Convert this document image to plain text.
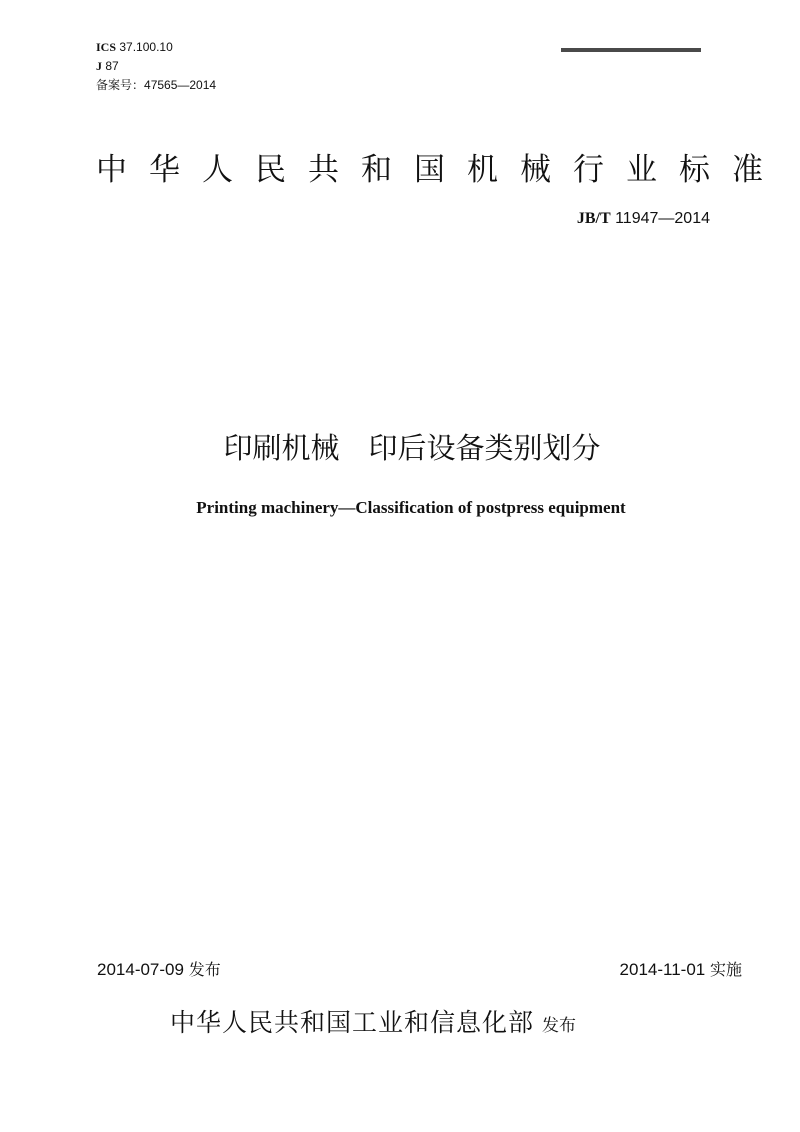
ICS 37.100.10
J 87
备案号：47565—2014
中华人民共和国机械行业标准
JB/T 11947—2014
印刷机械　印后设备类别划分
Printing machinery—Classification of postpress equipment
2014-07-09 发布	2014-11-01 实施
中华人民共和国工业和信息化部 发布
